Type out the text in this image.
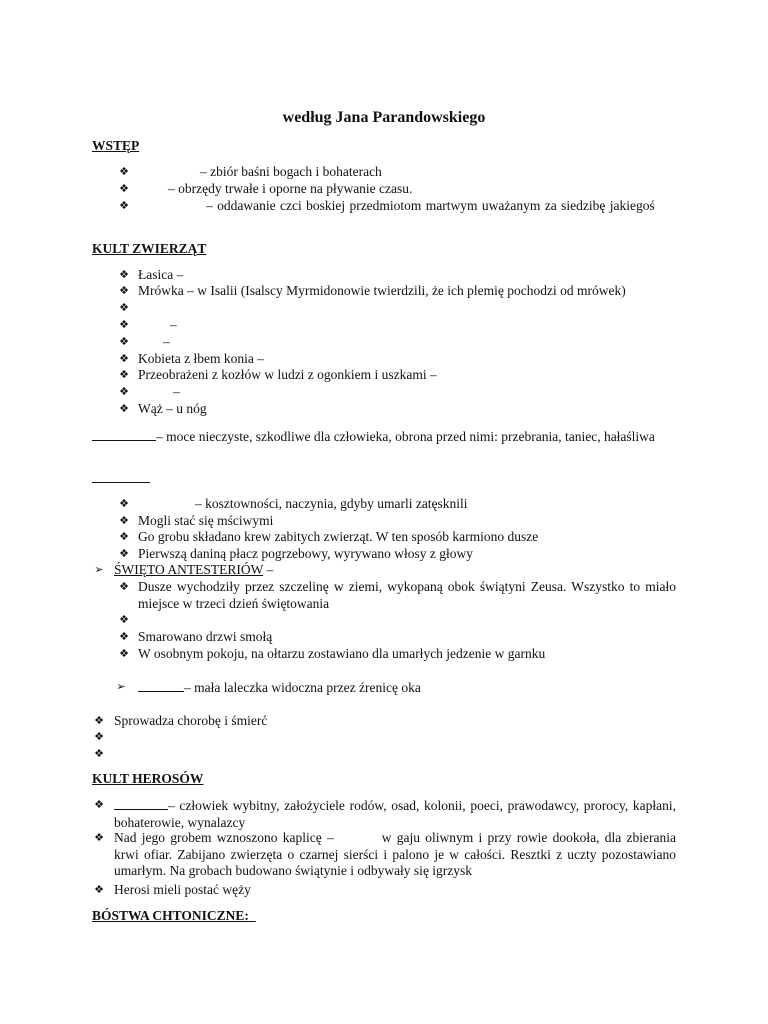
według Jana Parandowskiego
WSTĘP
❖	– zbiór baśni bogach i bohaterach
❖	– obrzędy trwałe i oporne na pływanie czasu.
❖	– oddawanie czci boskiej przedmiotom martwym uważanym za siedzibę jakiegoś
KULT ZWIERZĄT
❖ Łasica –
❖ Mrówka – w Isalii (Isalscy Myrmidonowie twierdzili, że ich plemię pochodzi od mrówek)
❖
❖	–
❖	–
❖ Kobieta z łbem konia –
❖ Przeobrażeni z kozłów w ludzi z ogonkiem i uszkami –
❖	–
❖ Wąż – u nóg
– moce nieczyste, szkodliwe dla człowieka, obrona przed nimi: przebrania, taniec, hałaśliwa
❖	– kosztowności, naczynia, gdyby umarli zatęsknili
❖ Mogli stać się mściwymi
❖ Go grobu składano krew zabitych zwierząt. W ten sposób karmiono dusze
❖ Pierwszą daniną płacz pogrzebowy, wyrywano włosy z głowy
➢ ŚWIĘTO ANTESTERIÓW –
❖ Dusze wychodziły przez szczelinę w ziemi, wykopaną obok świątyni Zeusa. Wszystko to miało miejsce w trzeci dzień świętowania
❖
❖ Smarowano drzwi smołą
❖ W osobnym pokoju, na ołtarzu zostawiano dla umarłych jedzenie w garnku
➢	– mała laleczka widoczna przez źrenicę oka
❖ Sprowadza chorobę i śmierć
❖
❖
KULT HEROSÓW
❖	– człowiek wybitny, założyciele rodów, osad, kolonii, poeci, prawodawcy, prorocy, kapłani, bohaterowie, wynalazcy
❖ Nad jego grobem wznoszono kaplicę –	w gaju oliwnym i przy rowie dookoła, dla zbierania krwi ofiar. Zabijano zwierzęta o czarnej sierści i palono je w całości. Resztki z uczty pozostawiano umarłym. Na grobach budowano świątynie i odbywały się igrzysk
❖ Herosi mieli postać węży
BÓSTWA CHTONICZNE:
